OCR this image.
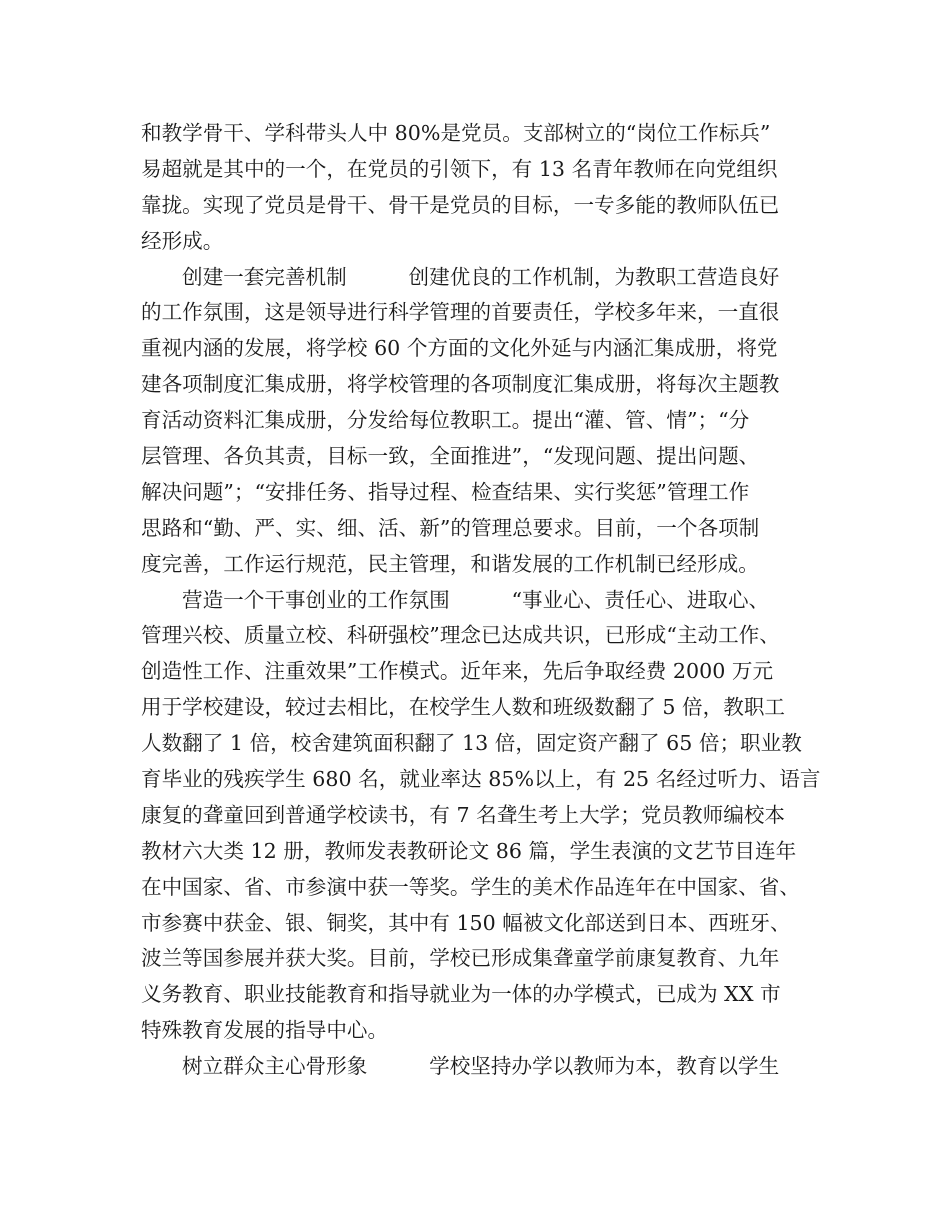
和教学骨干、学科带头人中 80%是党员。支部树立的“岗位工作标兵”
易超就是其中的一个，在党员的引领下，有 13 名青年教师在向党组织
靠拢。实现了党员是骨干、骨干是党员的目标，一专多能的教师队伍已
经形成。
创建一套完善机制　　　创建优良的工作机制，为教职工营造良好
的工作氛围，这是领导进行科学管理的首要责任，学校多年来，一直很
重视内涵的发展，将学校 60 个方面的文化外延与内涵汇集成册，将党
建各项制度汇集成册，将学校管理的各项制度汇集成册，将每次主题教
育活动资料汇集成册，分发给每位教职工。提出“灌、管、情”；“分
层管理、各负其责，目标一致，全面推进”，“发现问题、提出问题、
解决问题”；“安排任务、指导过程、检查结果、实行奖惩”管理工作
思路和“勤、严、实、细、活、新”的管理总要求。目前，一个各项制
度完善，工作运行规范，民主管理，和谐发展的工作机制已经形成。
营造一个干事创业的工作氛围　　　“事业心、责任心、进取心、
管理兴校、质量立校、科研强校”理念已达成共识，已形成“主动工作、
创造性工作、注重效果”工作模式。近年来，先后争取经费 2000 万元
用于学校建设，较过去相比，在校学生人数和班级数翻了 5 倍，教职工
人数翻了 1 倍，校舍建筑面积翻了 13 倍，固定资产翻了 65 倍；职业教
育毕业的残疾学生 680 名，就业率达 85%以上，有 25 名经过听力、语言
康复的聋童回到普通学校读书，有 7 名聋生考上大学；党员教师编校本
教材六大类 12 册，教师发表教研论文 86 篇，学生表演的文艺节目连年
在中国家、省、市参演中获一等奖。学生的美术作品连年在中国家、省、
市参赛中获金、银、铜奖，其中有 150 幅被文化部送到日本、西班牙、
波兰等国参展并获大奖。目前，学校已形成集聋童学前康复教育、九年
义务教育、职业技能教育和指导就业为一体的办学模式，已成为 XX 市
特殊教育发展的指导中心。
树立群众主心骨形象　　　学校坚持办学以教师为本，教育以学生
